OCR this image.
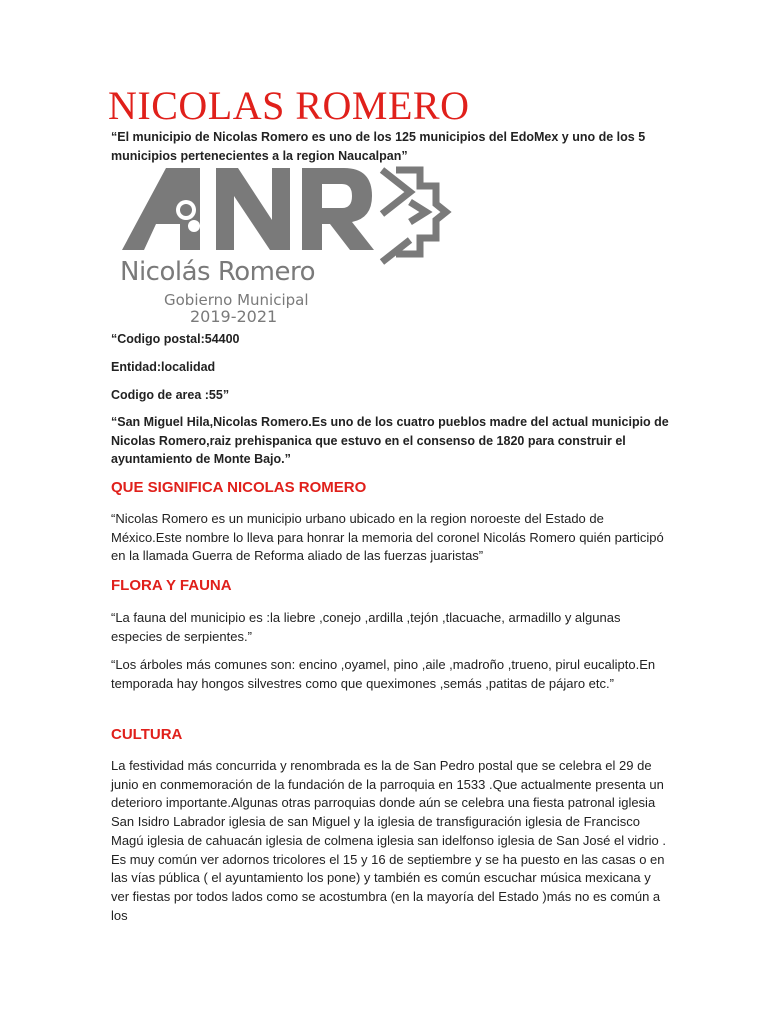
NICOLAS ROMERO

“El municipio de Nicolas Romero es uno de los 125 municipios del EdoMex y uno de los 5 municipios pertenecientes a la region Naucalpan”

Nicolás Romero
Gobierno Municipal
2019-2021

“Codigo postal:54400

Entidad:localidad

Codigo de area :55”

“San Miguel Hila,Nicolas Romero.Es uno de los cuatro pueblos madre del actual municipio de Nicolas Romero,raiz prehispanica que estuvo en el consenso de 1820 para construir el ayuntamiento de Monte Bajo.”

QUE SIGNIFICA NICOLAS ROMERO

“Nicolas Romero es un municipio urbano ubicado en la region noroeste del Estado de México.Este nombre lo lleva para honrar la memoria del coronel Nicolás Romero quién participó en la llamada Guerra de Reforma aliado de las fuerzas juaristas”

FLORA Y FAUNA

“La fauna del municipio es :la liebre ,conejo ,ardilla ,tejón ,tlacuache, armadillo y algunas especies de serpientes.”

“Los árboles más comunes son: encino ,oyamel, pino ,aile ,madroño ,trueno, pirul eucalipto.En temporada hay hongos silvestres como que queximones ,semás ,patitas de pájaro etc.”

CULTURA

La festividad más concurrida y renombrada es la de San Pedro postal que se celebra el 29 de junio en conmemoración de la fundación de la parroquia en 1533 .Que actualmente presenta un deterioro importante.Algunas otras parroquias donde aún se celebra una fiesta patronal iglesia San Isidro Labrador iglesia de san Miguel y la iglesia de transfiguración iglesia de Francisco Magú iglesia de cahuacán iglesia de colmena iglesia san idelfonso iglesia de San José el vidrio . Es muy común ver adornos tricolores el 15 y 16 de septiembre y se ha puesto en las casas o en las vías pública ( el ayuntamiento los pone) y también es común escuchar música mexicana y ver fiestas por todos lados como se acostumbra (en la mayoría del Estado )más no es común a los
